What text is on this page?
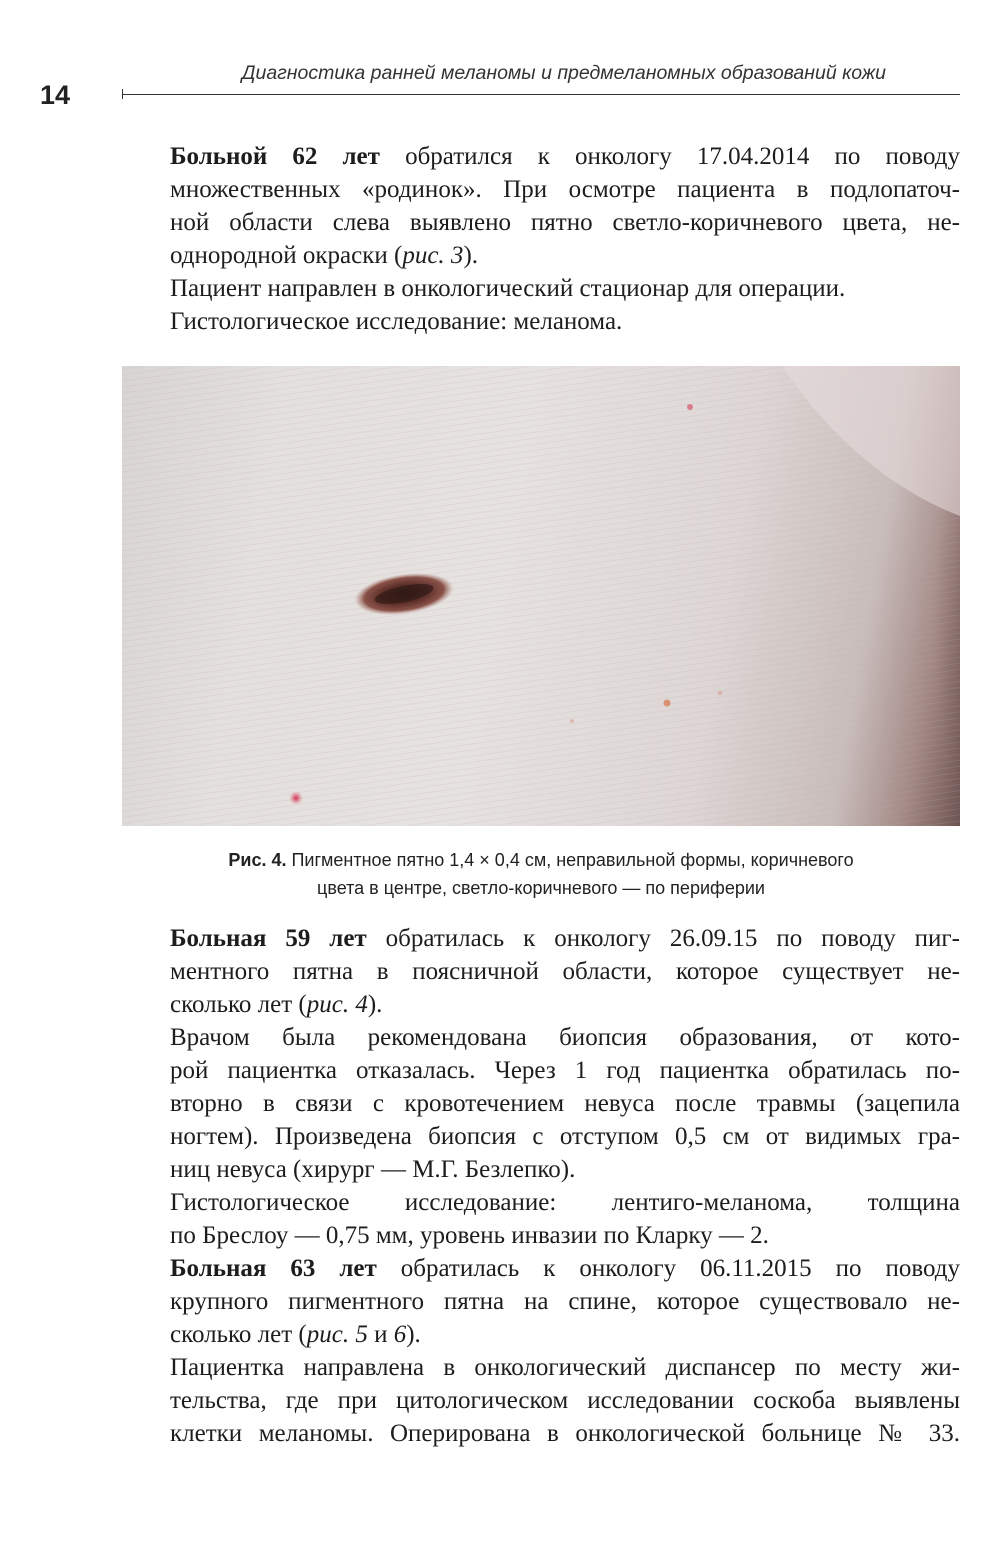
14
Диагностика ранней меланомы и предмеланомных образований кожи

Больной 62 лет обратился к онкологу 17.04.2014 по поводу
множественных «родинок». При осмотре пациента в подлопаточ -
ной области слева выявлено пятно светло-коричневого цвета, не -
однородной окраски (рис. 3).

Пациент направлен в онкологический стационар для операции.

Гистологическое исследование: меланома.

Рис. 4. Пигментное пятно 1,4 × 0,4 см, неправильной формы, коричневого
цвета в центре, светло-коричневого — по периферии

Больная 59 лет обратилась к онкологу 26.09.15 по поводу пиг -
ментного пятна в поясничной области, которое существует не -
сколько лет (рис. 4).

Врачом была рекомендована биопсия образования, от кото -
рой пациентка отказалась. Через 1 год пациентка обратилась по -
вторно в связи с кровотечением невуса после травмы (зацепила
ногтем). Произведена биопсия с отступом 0,5 см от видимых гра -
ниц невуса (хирург — М.Г. Безлепко).

Гистологическое исследование: лентиго-меланома, толщина
по Бреслоу — 0,75 мм, уровень инвазии по Кларку — 2.

Больная 63 лет обратилась к онкологу 06.11.2015 по поводу
крупного пигментного пятна на спине, которое существовало не -
сколько лет (рис. 5 и 6).

Пациентка направлена в онкологический диспансер по месту жи -
тельства, где при цитологическом исследовании соскоба выявлены
клетки меланомы. Оперирована в онкологической больнице № 33.
